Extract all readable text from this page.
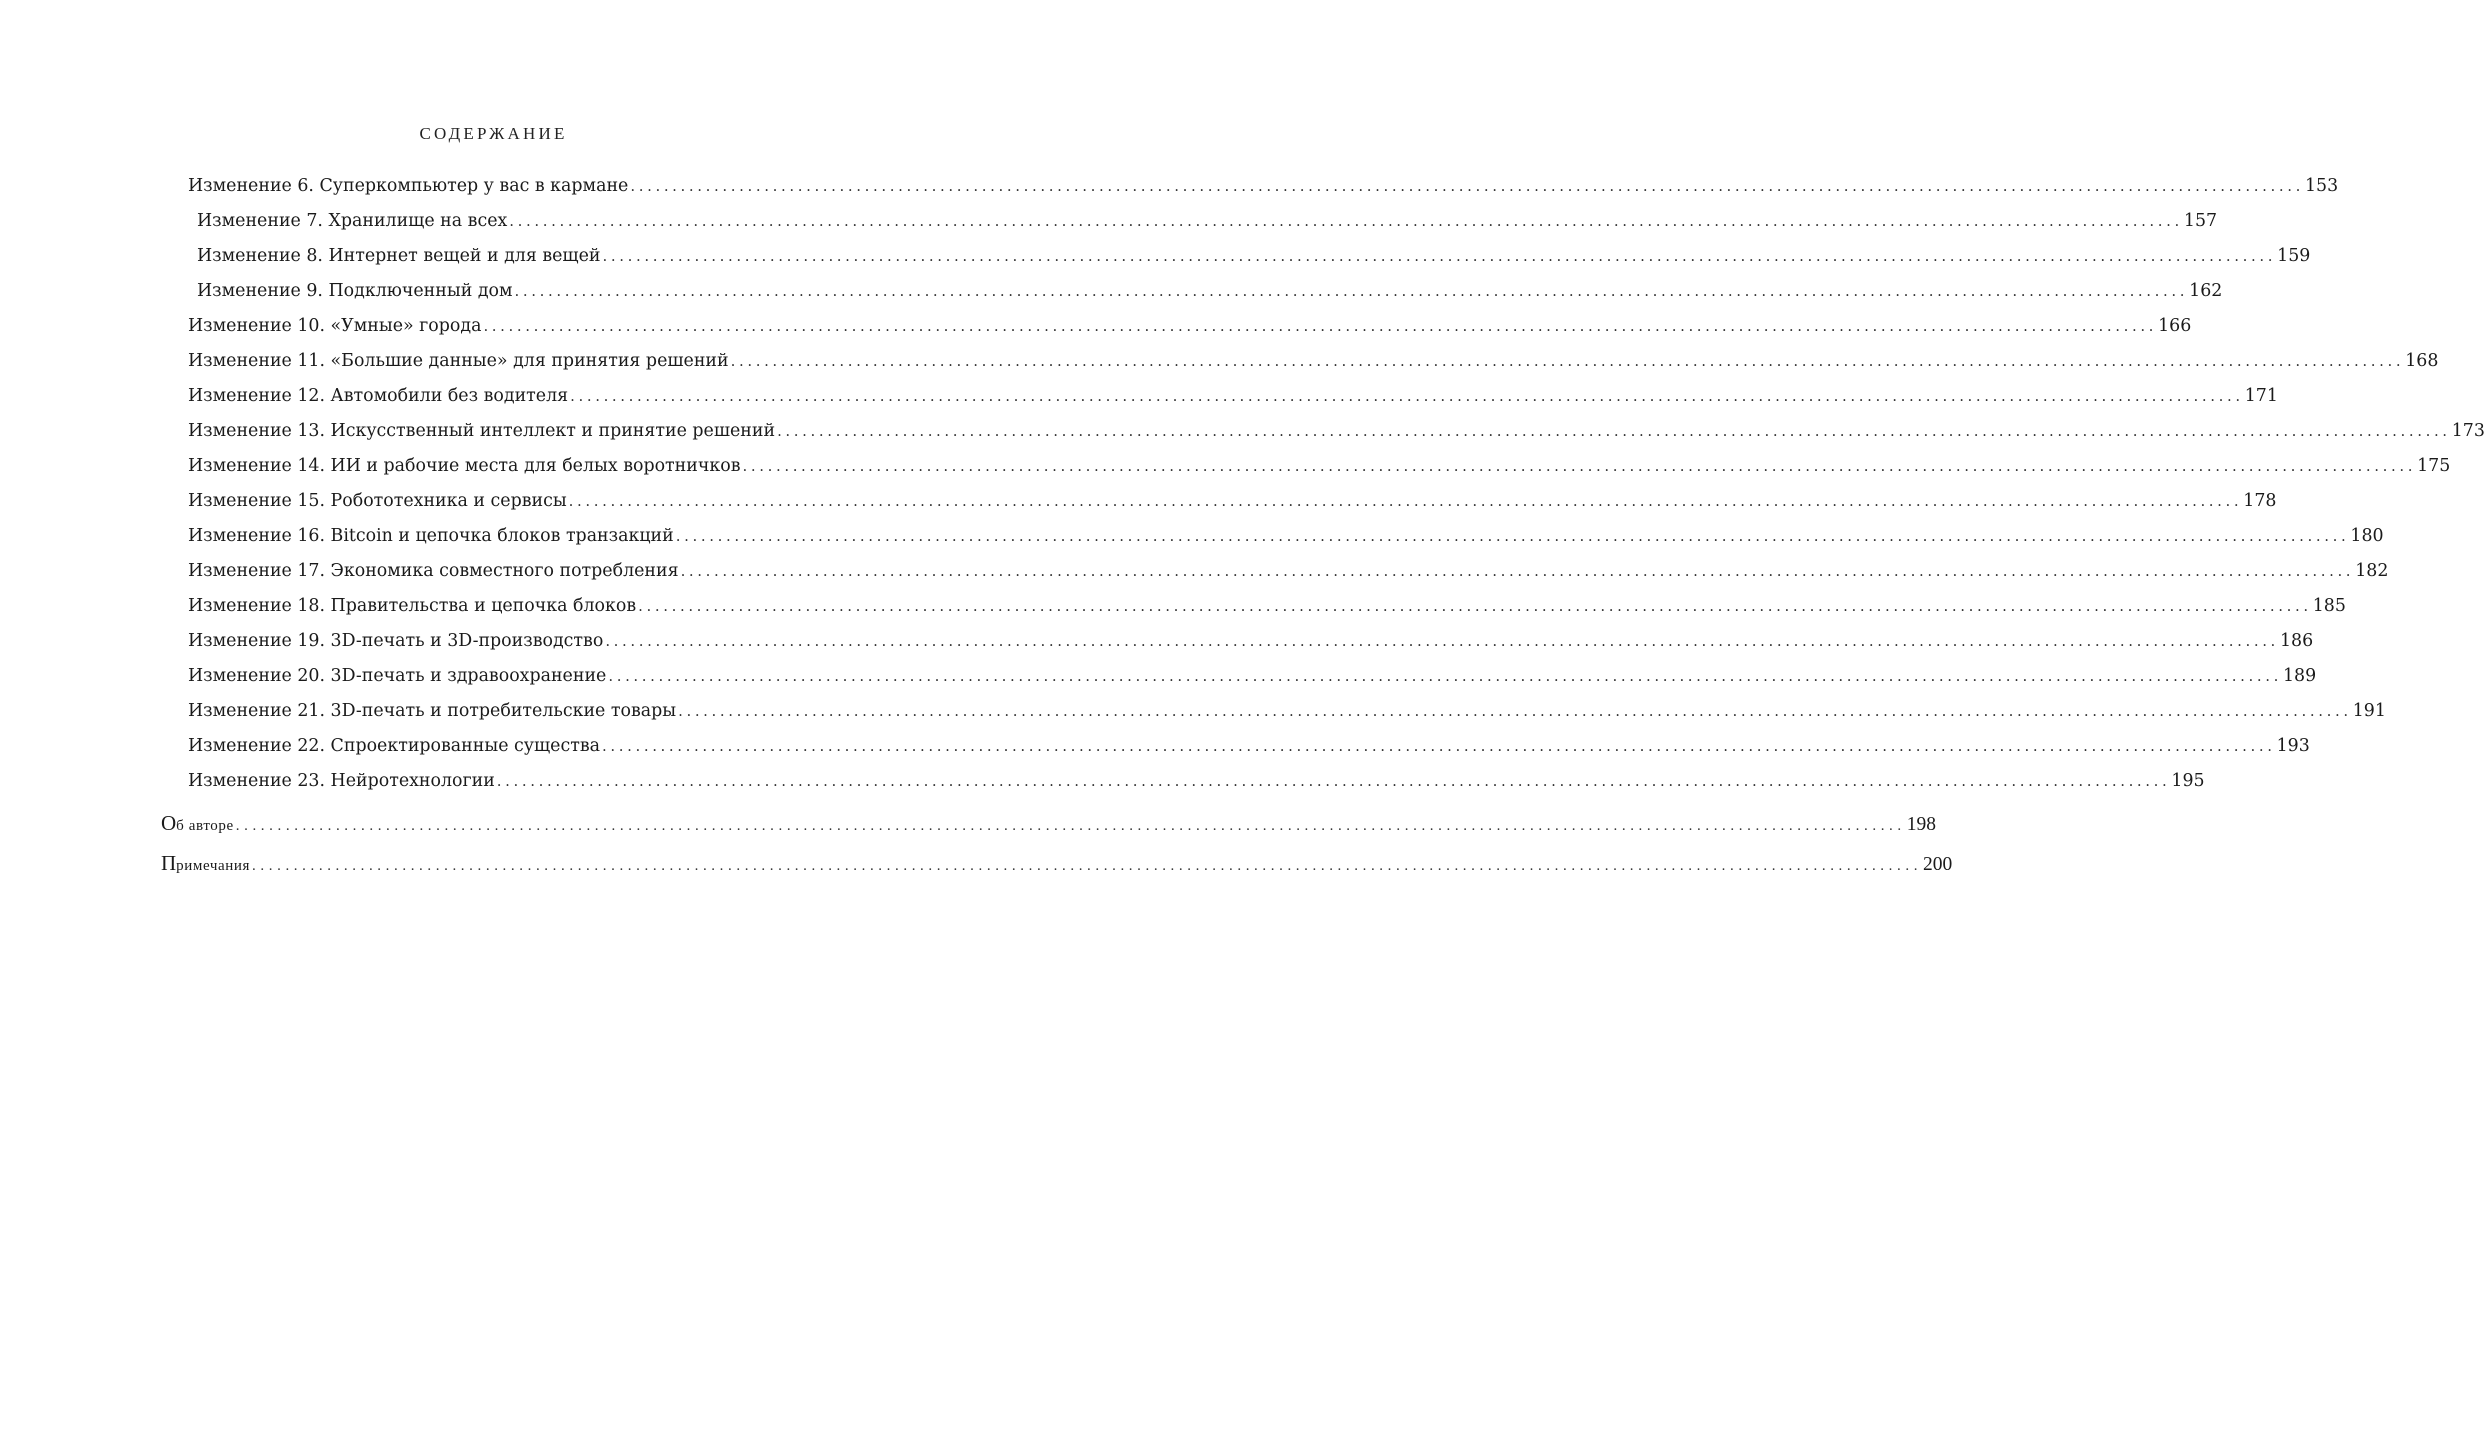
СОДЕРЖАНИЕ
Изменение 6. Суперкомпьютер у вас в кармане ........................................................................................................................................................................................................ 153
Изменение 7. Хранилище на всех ........................................................................................................................................................................................................ 157
Изменение 8. Интернет вещей и для вещей ........................................................................................................................................................................................................ 159
Изменение 9. Подключенный дом ........................................................................................................................................................................................................ 162
Изменение 10. «Умные» города ........................................................................................................................................................................................................ 166
Изменение 11. «Большие данные» для принятия решений ........................................................................................................................................................................................................ 168
Изменение 12. Автомобили без водителя ........................................................................................................................................................................................................ 171
Изменение 13. Искусственный интеллект и принятие решений ........................................................................................................................................................................................................ 173
Изменение 14. ИИ и рабочие места для белых воротничков ........................................................................................................................................................................................................ 175
Изменение 15. Робототехника и сервисы ........................................................................................................................................................................................................ 178
Изменение 16. Bitcoin и цепочка блоков транзакций ........................................................................................................................................................................................................ 180
Изменение 17. Экономика совместного потребления ........................................................................................................................................................................................................ 182
Изменение 18. Правительства и цепочка блоков ........................................................................................................................................................................................................ 185
Изменение 19. 3D-печать и 3D-производство ........................................................................................................................................................................................................ 186
Изменение 20. 3D-печать и здравоохранение ........................................................................................................................................................................................................ 189
Изменение 21. 3D-печать и потребительские товары ........................................................................................................................................................................................................ 191
Изменение 22. Спроектированные существа ........................................................................................................................................................................................................ 193
Изменение 23. Нейротехнологии ........................................................................................................................................................................................................ 195
Об авторе ........................................................................................................................................................................................................ 198
Примечания ........................................................................................................................................................................................................ 200
